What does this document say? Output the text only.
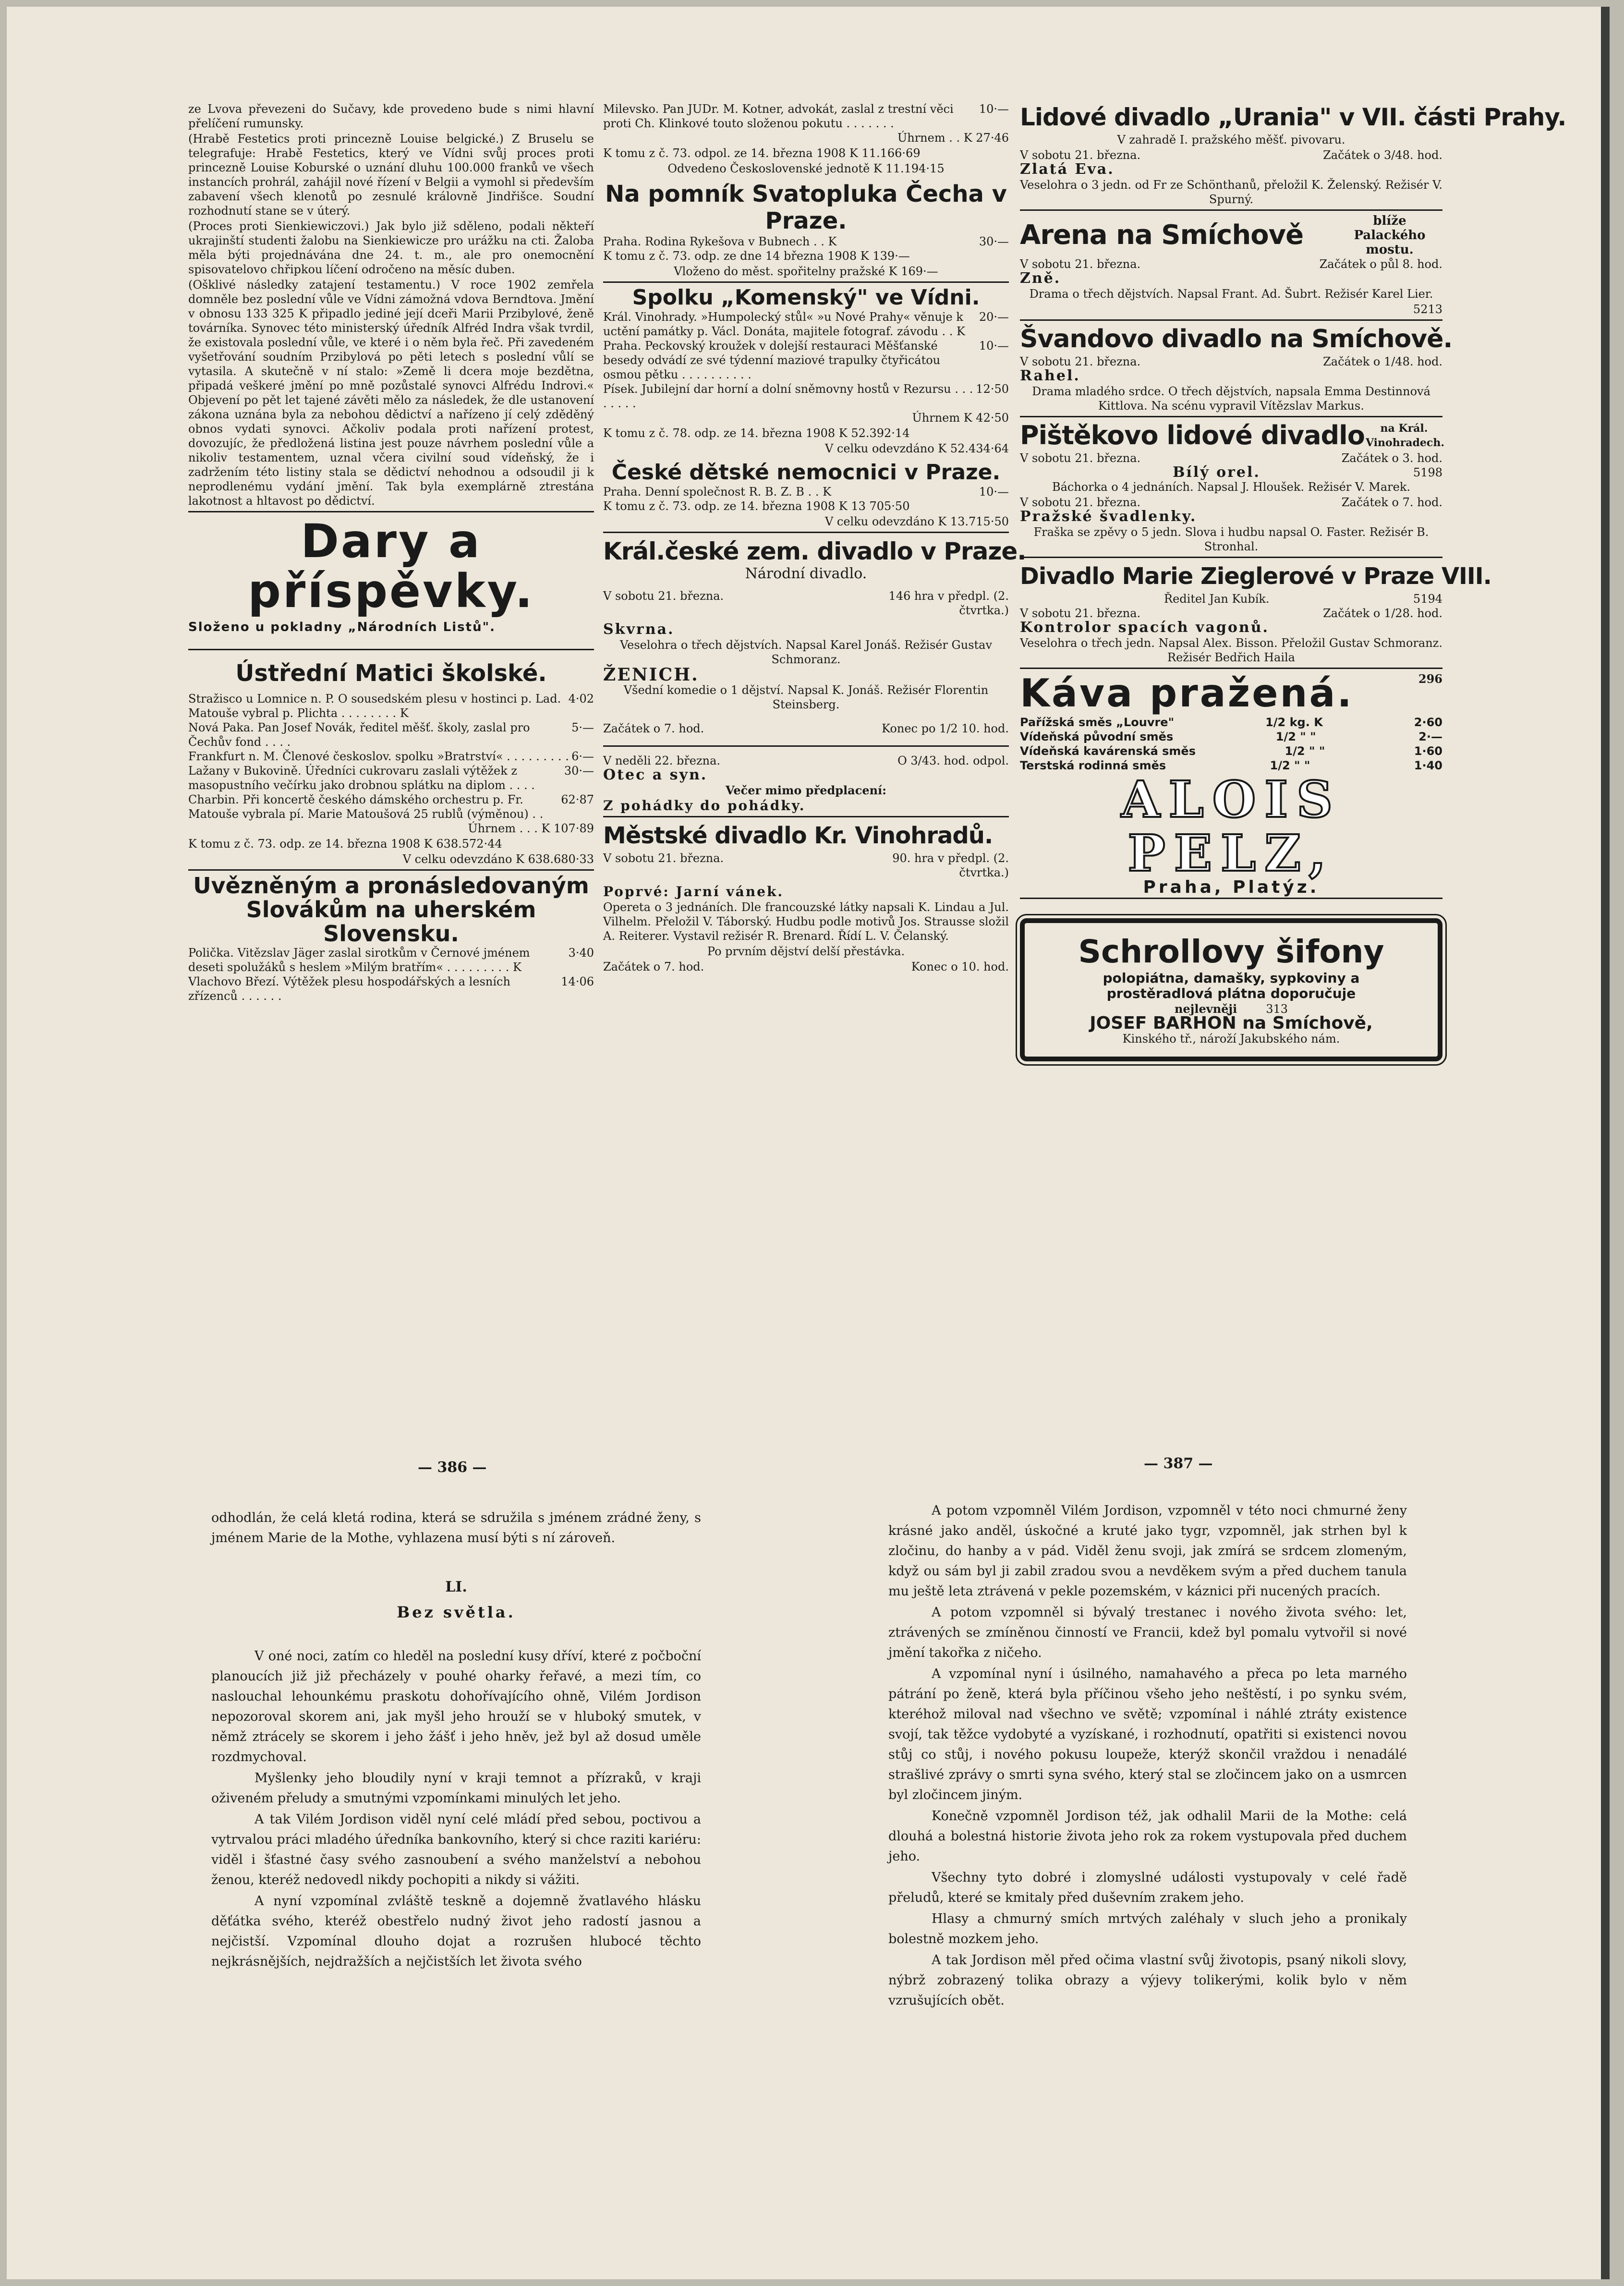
ze Lvova převezeni do Sučavy, kde provedeno bude s nimi hlavní přelíčení rumunsky.

(Hrabě Festetics proti princezně Louise belgické.) Z Bruselu se telegrafuje: Hrabě Festetics, který ve Vídni svůj proces proti princezně Louise Koburské o uznání dluhu 100.000 franků ve všech instancích prohrál, zahájil nové řízení v Belgii a vymohl si především zabavení všech klenotů po zesnulé královně Jindřišce. Soudní rozhodnutí stane se v úterý.

(Proces proti Sienkiewiczovi.) Jak bylo již sděleno, podali někteří ukrajinští studenti žalobu na Sienkiewicze pro urážku na cti. Žaloba měla býti projednávána dne 24. t. m., ale pro onemocnění spisovatelovo chřipkou líčení odročeno na měsíc duben.

(Ošklivé následky zatajení testamentu.) V roce 1902 zemřela domněle bez poslední vůle ve Vídni zámožná vdova Berndtova. Jmění v obnosu 133 325 K připadlo jediné její dceři Marii Przibylové, ženě továrníka. Synovec této ministerský úředník Alfréd Indra však tvrdil, že existovala poslední vůle, ve které i o něm byla řeč. Při zavedeném vyšetřování soudním Przibylová po pěti letech s poslední vůlí se vytasila. A skutečně v ní stalo: »Země li dcera moje bezdětna, připadá veškeré jmění po mně pozůstalé synovci Alfrédu Indrovi.« Objevení po pět let tajené závěti mělo za následek, že dle ustanovení zákona uznána byla za nebohou dědictví a nařízeno jí celý zděděný obnos vydati synovci. Ačkoliv podala proti nařízení protest, dovozujíc, že předložená listina jest pouze návrhem poslední vůle a nikoliv testamentem, uznal včera civilní soud vídeňský, že i zadržením této listiny stala se dědictví nehodnou a odsoudil ji k neprodlenému vydání jmění. Tak byla exemplárně ztrestána lakotnost a hltavost po dědictví.

Dary a příspěvky.
Složeno u pokladny „Národních Listů".
Ústřední Matici školské.
Stražisco u Lomnice n. P. O sousedském plesu v hostinci p. Lad. Matouše vybral p. Plichta . . . . . . . . K
4·02
Nová Paka. Pan Josef Novák, ředitel měšť. školy, zaslal pro Čechův fond . . . .
5·—
Frankfurt n. M. Členové českoslov. spolku »Bratrství« . . . . . . . . . 6·—
Lažany v Bukovině. Úředníci cukrovaru zaslali výtěžek z masopustního večírku jako drobnou splátku na diplom . . . .
30·—
Charbin. Při koncertě českého dámského orchestru p. Fr. Matouše vybrala pí. Marie Matoušová 25 rublů (výměnou) . .
62·87

Úhrnem . . . K 107·89

K tomu z č. 73. odp. ze 14. března 1908 K 638.572·44

V celku odevzdáno K 638.680·33

Uvězněným a pronásledovaným Slovákům na uherském Slovensku.
Polička. Vitězslav Jäger zaslal sirotkům v Černové jménem deseti spolužáků s heslem »Milým bratřím« . . . . . . . . . K
3·40
Vlachovo Březí. Výtěžek plesu hospodářských a lesních zřízenců . . . . . .
14·06
Milevsko. Pan JUDr. M. Kotner, advokát, zaslal z trestní věci proti Ch. Klinkové touto složenou pokutu . . . . . . .
10·—

Úhrnem . . K 27·46

K tomu z č. 73. odpol. ze 14. března 1908 K 11.166·69

Odvedeno Československé jednotě K 11.194·15

Na pomník Svatopluka Čecha v Praze.
Praha. Rodina Rykešova v Bubnech . . K	30·—

K tomu z č. 73. odp. ze dne 14 března 1908 K 139·—

Vloženo do měst. spořitelny pražské K 169·—

Spolku „Komenský" ve Vídni.
Král. Vinohrady. »Humpolecký stůl« »u Nové Prahy« věnuje k uctění památky p. Václ. Donáta, majitele fotograf. závodu . . K
20·—
Praha. Peckovský kroužek v dolejší restauraci Měšťanské besedy odvádí ze své týdenní maziové trapulky čtyřicátou osmou pětku . . . . . . . . . .
10·—
Písek. Jubilejní dar horní a dolní sněmovny hostů v Rezursu . . . . . . . .
12·50

Úhrnem K 42·50

K tomu z č. 78. odp. ze 14. března 1908 K 52.392·14

V celku odevzdáno K 52.434·64

České dětské nemocnici v Praze.
Praha. Denní společnost R. B. Z. B . . K	10·—

K tomu z č. 73. odp. ze 14. března 1908 K 13 705·50

V celku odevzdáno K 13.715·50

Král.české zem. divadlo v Praze.

Národní divadlo.

V sobotu 21. března.	146 hra v předpl. (2. čtvrtka.)

Skvrna.

Veselohra o třech dějstvích. Napsal Karel Jonáš. Režisér Gustav Schmoranz.

ŽENICH.

Všední komedie o 1 dějství. Napsal K. Jonáš. Režisér Florentin Steinsberg.

Začátek o 7. hod.	Konec po 1/2 10. hod.
V neděli 22. března.	O 3/43. hod. odpol.

Otec a syn.

Večer mimo předplacení:

Z pohádky do pohádky.

Městské divadlo Kr. Vinohradů.
V sobotu 21. března.	90. hra v předpl. (2. čtvrtka.)

Poprvé: Jarní vánek.

Opereta o 3 jednáních. Dle francouzské látky napsali K. Lindau a Jul. Vilhelm. Přeložil V. Táborský. Hudbu podle motivů Jos. Strausse složil A. Reiterer. Vystavil režisér R. Brenard. Řídí L. V. Čelanský.

Po prvním dějství delší přestávka.

Začátek o 7. hod.	Konec o 10. hod.
Lidové divadlo „Urania" v VII. části Prahy.

V zahradě I. pražského měšť. pivovaru.

V sobotu 21. března.	Začátek o 3/48. hod.

Zlatá Eva.

Veselohra o 3 jedn. od Fr ze Schönthanů, přeložil K. Želenský. Režisér V. Spurný.

Arena na Smíchově	blíže Palackého mostu.
V sobotu 21. března.	Začátek o půl 8. hod.

Zně.

Drama o třech dějstvích. Napsal Frant. Ad. Šubrt. Režisér Karel Lier.

5213

Švandovo divadlo na Smíchově.
V sobotu 21. března.	Začátek o 1/48. hod.

Rahel.

Drama mladého srdce. O třech dějstvích, napsala Emma Destinnová Kittlova. Na scénu vypravil Vítězslav Markus.

Pištěkovo lidové divadlo	na Král. Vinohradech.
V sobotu 21. března.	Začátek o 3. hod.
Bílý orel.	5198

Báchorka o 4 jednáních. Napsal J. Hloušek. Režisér V. Marek.

V sobotu 21. března.	Začátek o 7. hod.

Pražské švadlenky.

Fraška se zpěvy o 5 jedn. Slova i hudbu napsal O. Faster. Režisér B. Stronhal.

Divadlo Marie Zieglerové v Praze VIII.
Ředitel Jan Kubík.	5194
V sobotu 21. března.	Začátek o 1/28. hod.

Kontrolor spacích vagonů.

Veselohra o třech jedn. Napsal Alex. Bisson. Přeložil Gustav Schmoranz. Režisér Bedřich Haila

Káva pražená.	296
Pařížská směs „Louvre"	1/2 kg. K	2·60
Vídeňská původní směs	1/2 " "	2·—
Vídeňská kavárenská směs	1/2 " "	1·60
Terstská rodinná směs	1/2 " "	1·40
ALOIS PELZ,

Praha, Platýz.

Schrollovy šifony

polopiátna, damašky, sypkoviny a

prostěradlová plátna doporučuje

nejlevněji	313

JOSEF BARHOŇ na Smíchově,

Kinského tř., nároží Jakubského nám.

— 386 —	— 387 —

odhodlán, že celá kletá rodina, která se sdružila s jménem zrádné ženy, s jménem Marie de la Mothe, vyhlazena musí býti s ní zároveň.

LI.
Bez světla.

V oné noci, zatím co hleděl na poslední kusy dříví, které z počboční planoucích již již přecházely v pouhé oharky řeřavé, a mezi tím, co naslouchal lehounkému praskotu dohořívajícího ohně, Vilém Jordison nepozoroval skorem ani, jak myšl jeho hrouží se v hluboký smutek, v němž ztrácely se skorem i jeho žášť i jeho hněv, jež byl až dosud uměle rozdmychoval.

Myšlenky jeho bloudily nyní v kraji temnot a přízraků, v kraji oživeném přeludy a smutnými vzpomínkami minulých let jeho.

A tak Vilém Jordison viděl nyní celé mládí před sebou, poctivou a vytrvalou práci mladého úředníka bankovního, který si chce raziti kariéru: viděl i šťastné časy svého zasnoubení a svého manželství a nebohou ženou, kteréž nedovedl nikdy pochopiti a nikdy si vážiti.

A nyní vzpomínal zvláště teskně a dojemně žvatlavého hlásku děťátka svého, kteréž obestřelo nudný život jeho radostí jasnou a nejčistší. Vzpomínal dlouho dojat a rozrušen hlubocé těchto nejkrásnějších, nejdražších a nejčistších let života svého

A potom vzpomněl Vilém Jordison, vzpomněl v této noci chmurné ženy krásné jako anděl, úskočné a kruté jako tygr, vzpomněl, jak strhen byl k zločinu, do hanby a v pád. Viděl ženu svoji, jak zmírá se srdcem zlomeným, když ou sám byl ji zabil zradou svou a nevděkem svým a před duchem tanula mu ještě leta ztrávená v pekle pozemském, v káznici při nucených pracích.

A potom vzpomněl si bývalý trestanec i nového života svého: let, ztrávených se zmíněnou činností ve Francii, kdež byl pomalu vytvořil si nové jmění takořka z ničeho.

A vzpomínal nyní i úsilného, namahavého a přeca po leta marného pátrání po ženě, která byla příčinou všeho jeho neštěstí, i po synku svém, kteréhož miloval nad všechno ve světě; vzpomínal i náhlé ztráty existence svojí, tak těžce vydobyté a vyzískané, i rozhodnutí, opatřiti si existenci novou stůj co stůj, i nového pokusu loupeže, kterýž skončil vraždou i nenadálé strašlivé zprávy o smrti syna svého, který stal se zločincem jako on a usmrcen byl zločincem jiným.

Konečně vzpomněl Jordison též, jak odhalil Marii de la Mothe: celá dlouhá a bolestná historie života jeho rok za rokem vystupovala před duchem jeho.

Všechny tyto dobré i zlomyslné události vystupovaly v celé řadě přeludů, které se kmitaly před duševním zrakem jeho.

Hlasy a chmurný smích mrtvých zaléhaly v sluch jeho a pronikaly bolestně mozkem jeho.

A tak Jordison měl před očima vlastní svůj životopis, psaný nikoli slovy, nýbrž zobrazený tolika obrazy a výjevy tolikerými, kolik bylo v něm vzrušujících obět.
